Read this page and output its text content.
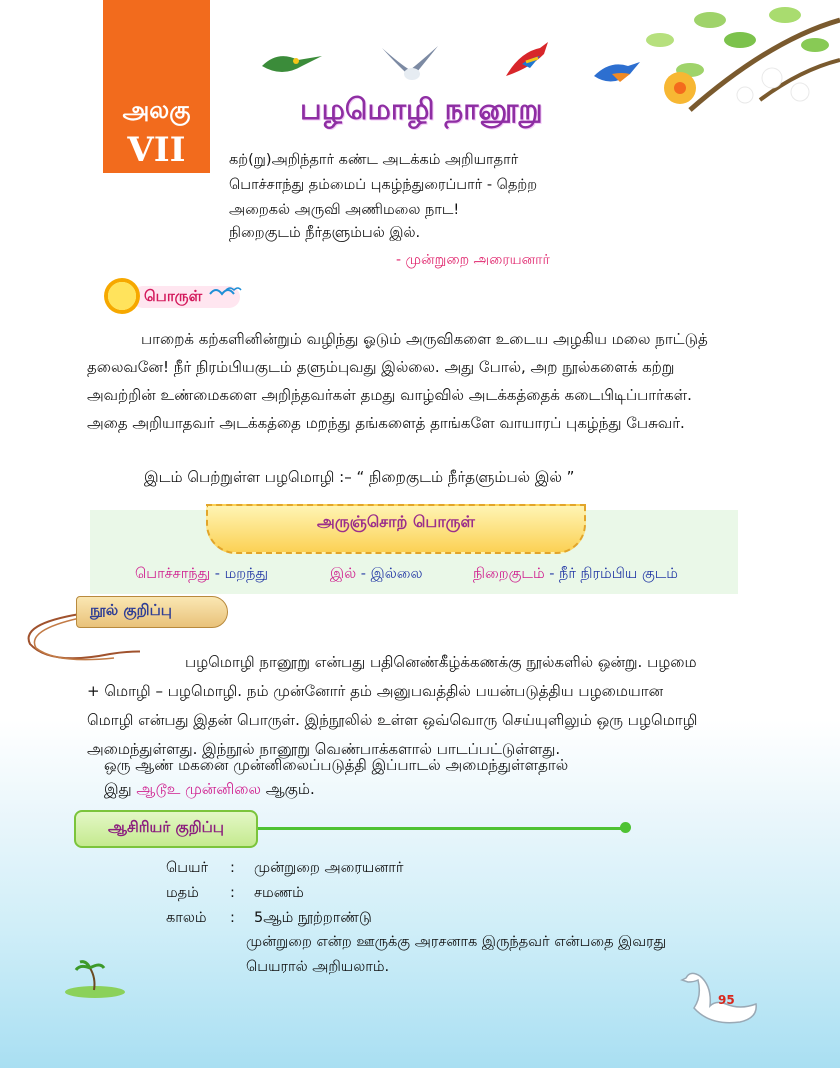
அலகு
VII
பழமொழி நானூறு
கற்(று)அறிந்தார் கண்ட அடக்கம் அறியாதார்
பொச்சாந்து தம்மைப் புகழ்ந்துரைப்பார் - தெற்ற
அறைகல் அருவி அணிமலை நாட!
நிறைகுடம் நீர்தளும்பல் இல்.
- முன்றுறை அரையனார்
பொருள்
பாறைக் கற்களினின்றும் வழிந்து ஓடும் அருவிகளை உடைய அழகிய மலை நாட்டுத்
தலைவனே! நீர் நிரம்பியகுடம் தளும்புவது இல்லை. அது போல், அற நூல்களைக் கற்று
அவற்றின் உண்மைகளை அறிந்தவர்கள் தமது வாழ்வில் அடக்கத்தைக் கடைபிடிப்பார்கள்.
அதை அறியாதவர் அடக்கத்தை மறந்து தங்களைத் தாங்களே வாயாரப் புகழ்ந்து பேசுவர்.
இடம் பெற்றுள்ள பழமொழி :– “ நிறைகுடம் நீர்தளும்பல் இல் ”
அருஞ்சொற் பொருள்
பொச்சாந்து - மறந்து	இல் - இல்லை	நிறைகுடம் - நீர் நிரம்பிய குடம்
நூல் குறிப்பு
பழமொழி நானூறு என்பது பதினெண்கீழ்க்கணக்கு நூல்களில் ஒன்று. பழமை
+ மொழி – பழமொழி. நம் முன்னோர் தம் அனுபவத்தில் பயன்படுத்திய பழமையான
மொழி என்பது இதன் பொருள். இந்நூலில் உள்ள ஒவ்வொரு செய்யுளிலும் ஒரு பழமொழி
அமைந்துள்ளது. இந்நூல் நானூறு வெண்பாக்களால் பாடப்பட்டுள்ளது.
ஒரு ஆண் மகனை முன்னிலைப்படுத்தி இப்பாடல் அமைந்துள்ளதால்
இது ஆடூஉ முன்னிலை ஆகும்.
ஆசிரியர் குறிப்பு
பெயர் : முன்றுறை அரையனார்
மதம் : சமணம்
காலம் : 5ஆம் நூற்றாண்டு
முன்றுறை என்ற ஊருக்கு அரசனாக இருந்தவர் என்பதை இவரது
பெயரால் அறியலாம்.
95
